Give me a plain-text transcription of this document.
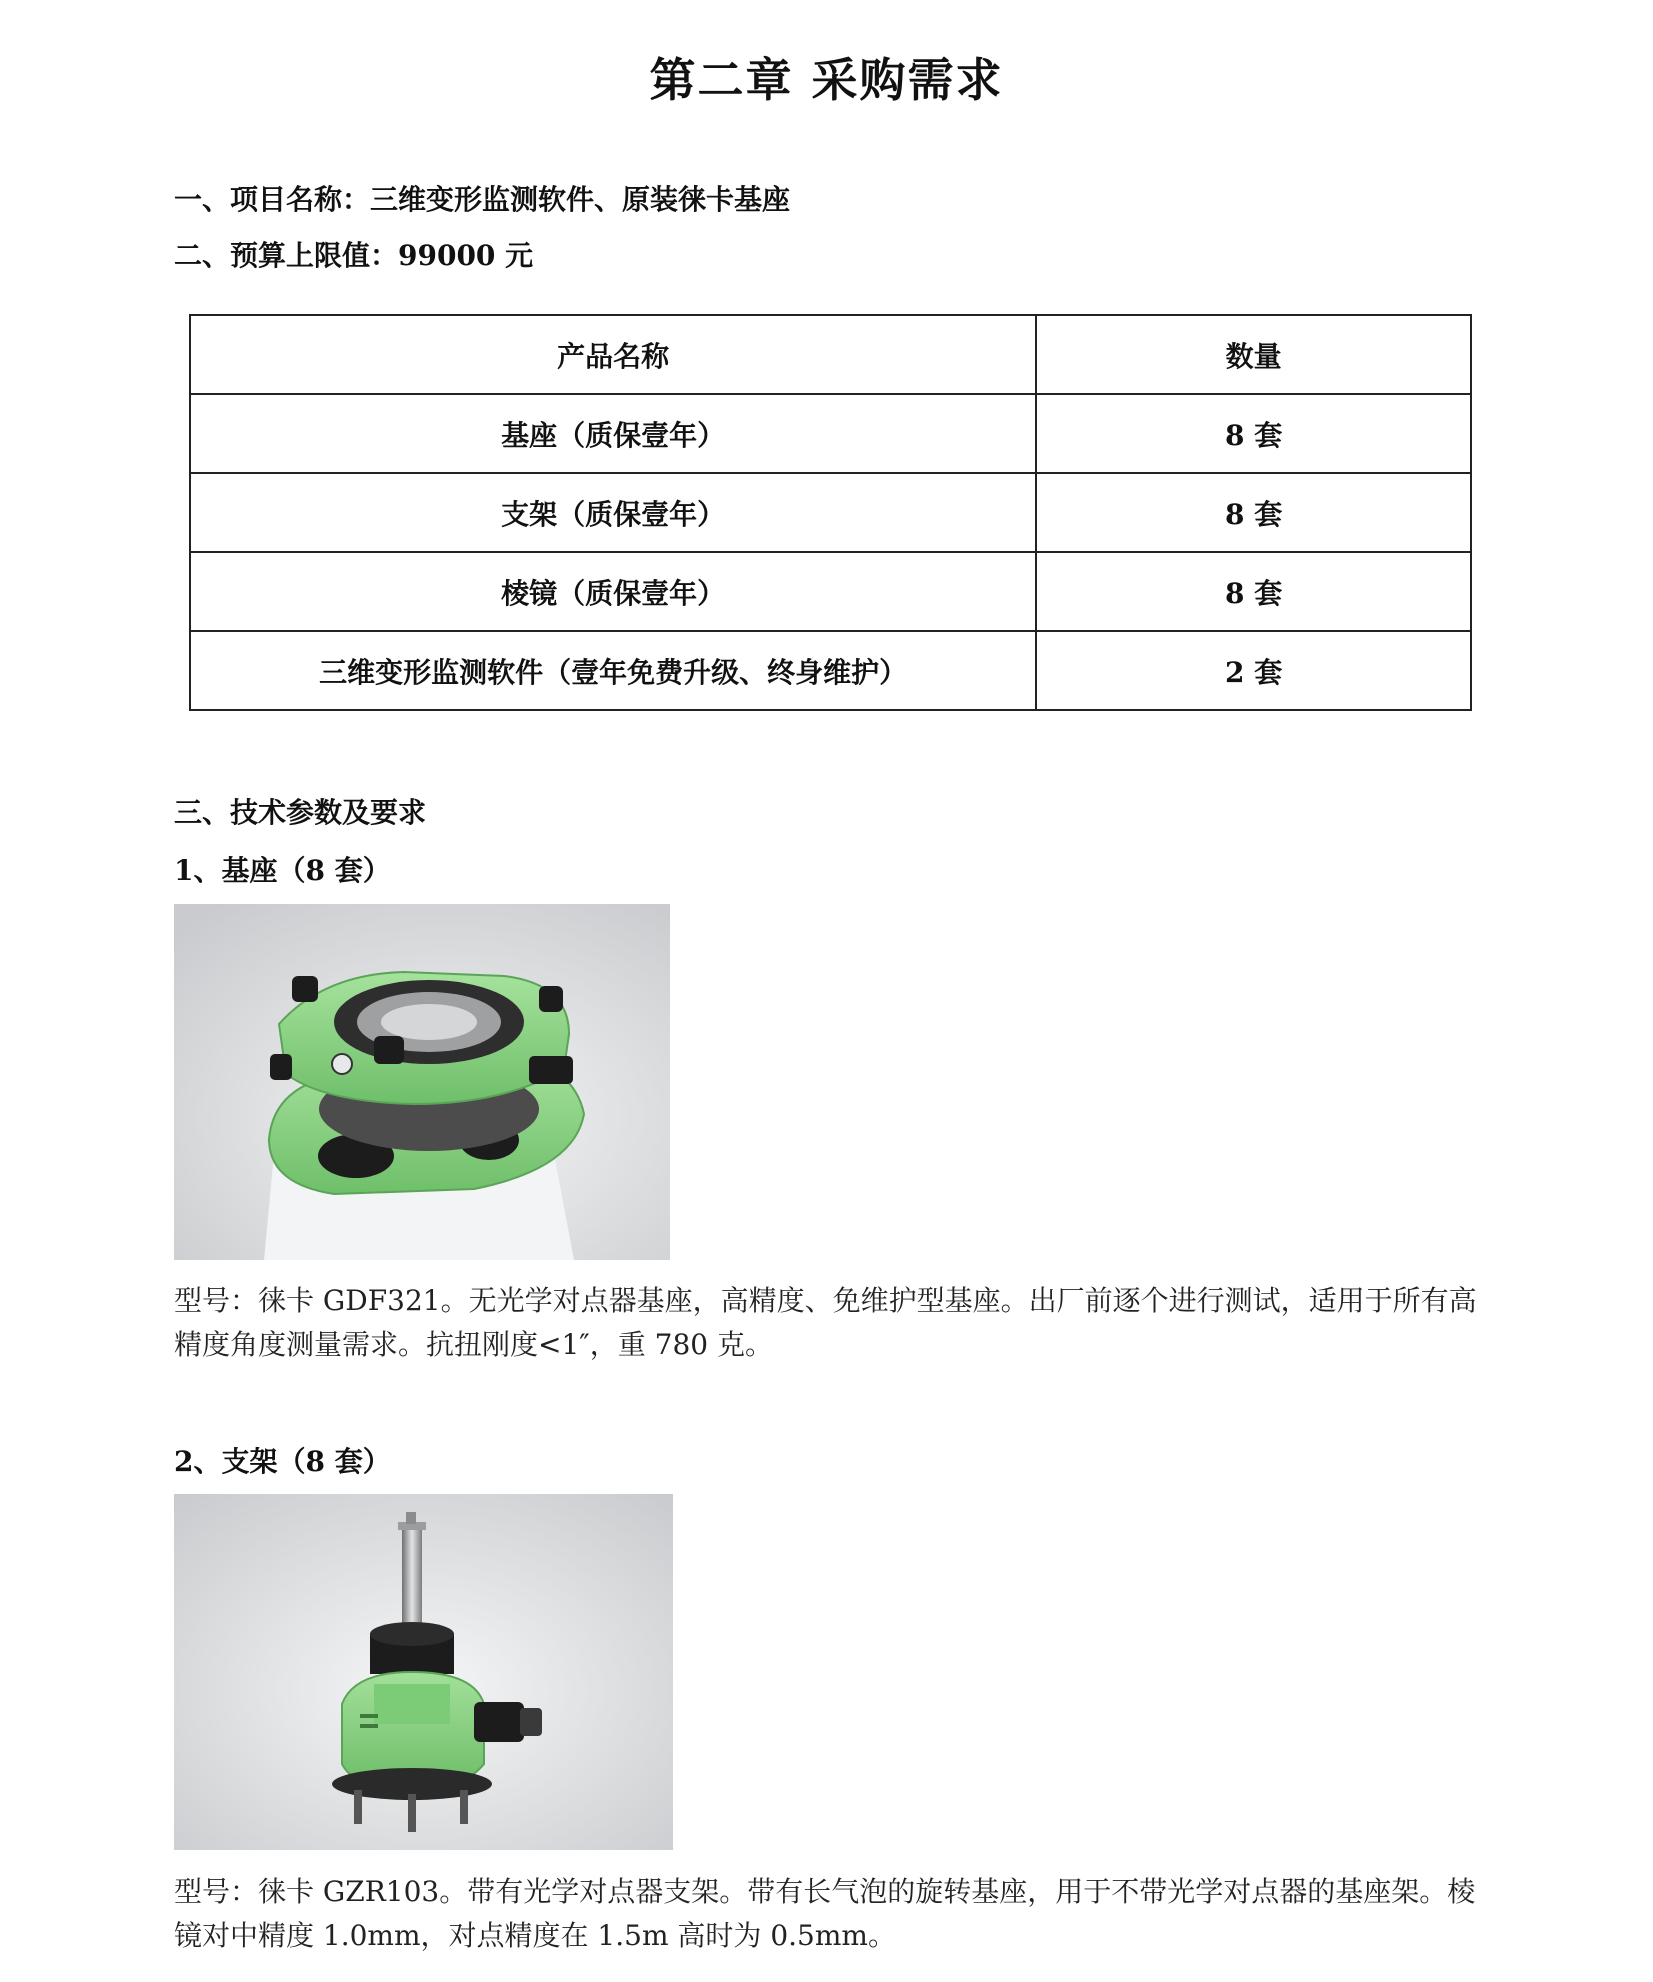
第二章 采购需求
一、项目名称：三维变形监测软件、原装徕卡基座
二、预算上限值：99000 元
产品名称	数量
基座（质保壹年）	8 套
支架（质保壹年）	8 套
棱镜（质保壹年）	8 套
三维变形监测软件（壹年免费升级、终身维护）	2 套
三、技术参数及要求
1、基座（8 套）
型号：徕卡 GDF321。无光学对点器基座，高精度、免维护型基座。出厂前逐个进行测试，适用于所有高精度角度测量需求。抗扭刚度<1″，重 780 克。
2、支架（8 套）
型号：徕卡 GZR103。带有光学对点器支架。带有长气泡的旋转基座，用于不带光学对点器的基座架。棱镜对中精度 1.0mm，对点精度在 1.5m 高时为 0.5mm。
